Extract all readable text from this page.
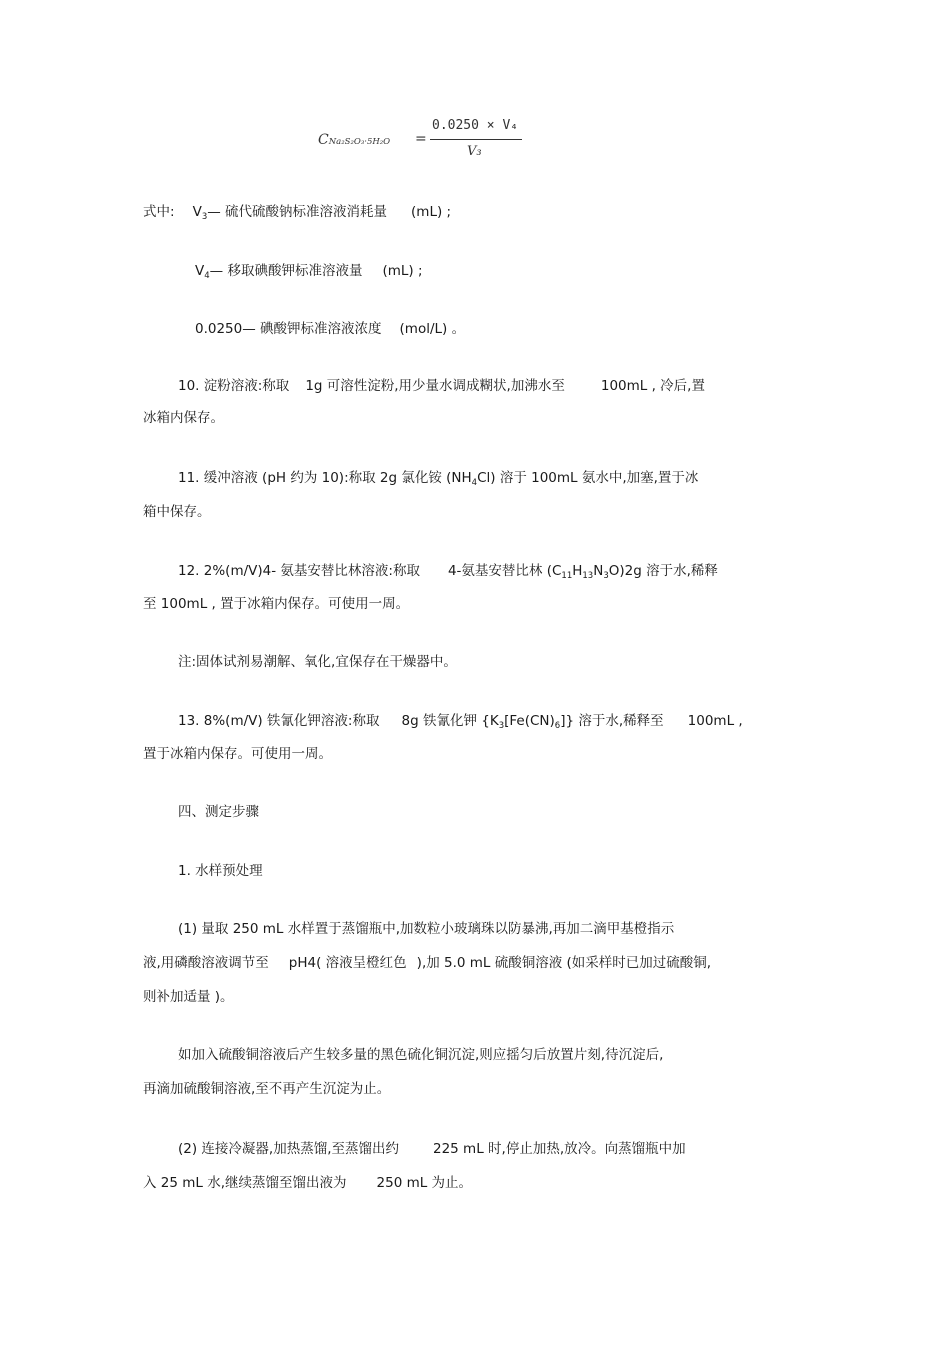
CNa₂S₂O₃·5H₂O =
0.0250 × V₄
V₃
式中: $V_3—$ 硫代硫酸钠标准溶液消耗量 (mL) ;
$V_4—$ 移取碘酸钾标准溶液量 (mL) ;
0.0250— 碘酸钾标准溶液浓度 (mol/L) 。
10. 淀粉溶液:称取 1g 可溶性淀粉,用少量水调成糊状,加沸水至	100mL , 冷后,置
冰箱内保存。
11. 缓冲溶液 (pH 约为 10):称取 2g 氯化铵 $(NH_4Cl)$ 溶于 100mL 氨水中,加塞,置于冰
箱中保存。
12. 2%(m/V)4- 氨基安替比林溶液:称取 4-氨基安替比林 $(C_{11}H_{13}N_3O)2g$ 溶于水,稀释
至 100mL , 置于冰箱内保存。可使用一周。
注:固体试剂易潮解、氧化,宜保存在干燥器中。
13. 8%(m/V) 铁氰化钾溶液:称取 8g 铁氰化钾 $\{K_3[Fe(CN)_6]\}$ 溶于水,稀释至 100mL ,
置于冰箱内保存。可使用一周。
四、测定步骤
1. 水样预处理
(1) 量取 250 mL 水样置于蒸馏瓶中,加数粒小玻璃珠以防暴沸,再加二滴甲基橙指示
液,用磷酸溶液调节至 pH4( 溶液呈橙红色 ),加 5.0 mL 硫酸铜溶液 (如采样时已加过硫酸铜,
则补加适量 )。
如加入硫酸铜溶液后产生较多量的黑色硫化铜沉淀,则应摇匀后放置片刻,待沉淀后,
再滴加硫酸铜溶液,至不再产生沉淀为止。
(2) 连接冷凝器,加热蒸馏,至蒸馏出约	225 mL 时,停止加热,放冷。向蒸馏瓶中加
入 25 mL 水,继续蒸馏至馏出液为 250 mL 为止。
